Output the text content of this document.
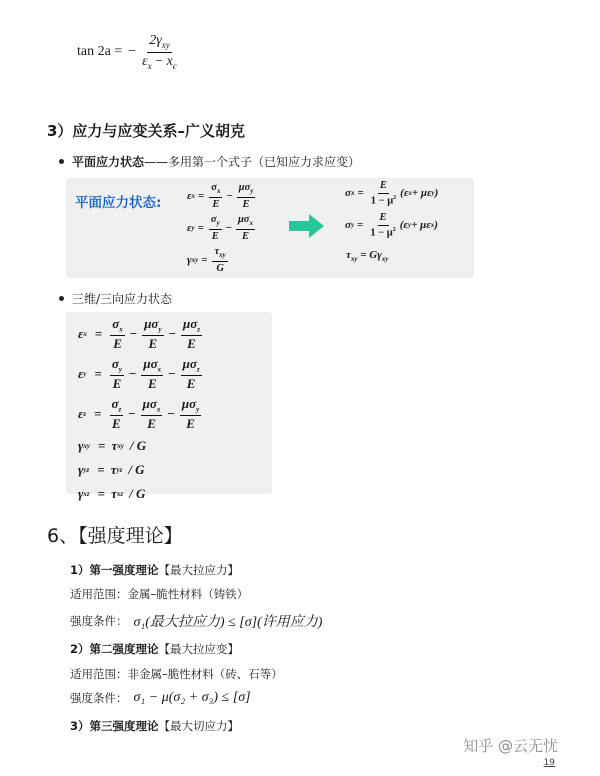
tan 2a = − $\frac{2\gamma_{xy}}{\varepsilon_x - x_c}$
3）应力与应变关系–广义胡克
平面应力状态——多用第一个式子（已知应力求应变）
平面应力状态: ε $x = \frac{\sigma_x}{E} - \frac{\mu\sigma_y}{E}$
ε $y = \frac{\sigma_y}{E} - \frac{\mu\sigma_x}{E}$
γ xy = $\frac{\tau_{xy}}{G}$
σ $x = \frac{E}{1 - \mu^2} (\varepsilon$ x + με y )
σ $y = \frac{E}{1 - \mu^2} (\varepsilon$ y + με x )
$\tau_{xy} = G\gamma_{xy}$
三维/三向应力状态
ε $x = \frac{\sigma_x}{E} - \frac{\mu\sigma_y}{E} - \frac{\mu\sigma_z}{E}$
ε $y = \frac{\sigma_y}{E} - \frac{\mu\sigma_x}{E} - \frac{\mu\sigma_z}{E}$
ε $z = \frac{\sigma_z}{E} - \frac{\mu\sigma_x}{E} - \frac{\mu\sigma_y}{E}$
γ xy = τ xy / G
γ yz = τ yz / G
γ xz = τ xz / G
6、【强度理论】
1）第一强度理论【最大拉应力】
适用范围：金属–脆性材料（铸铁）
强度条件： σ₁(最大拉应力) ≤ [σ](许用应力)
2）第二强度理论【最大拉应变】
适用范围：非金属–脆性材料（砖、石等）
强度条件： σ₁ − μ(σ₂ + σ₃) ≤ [σ]
3）第三强度理论【最大切应力】
知乎 @云无忧
19
